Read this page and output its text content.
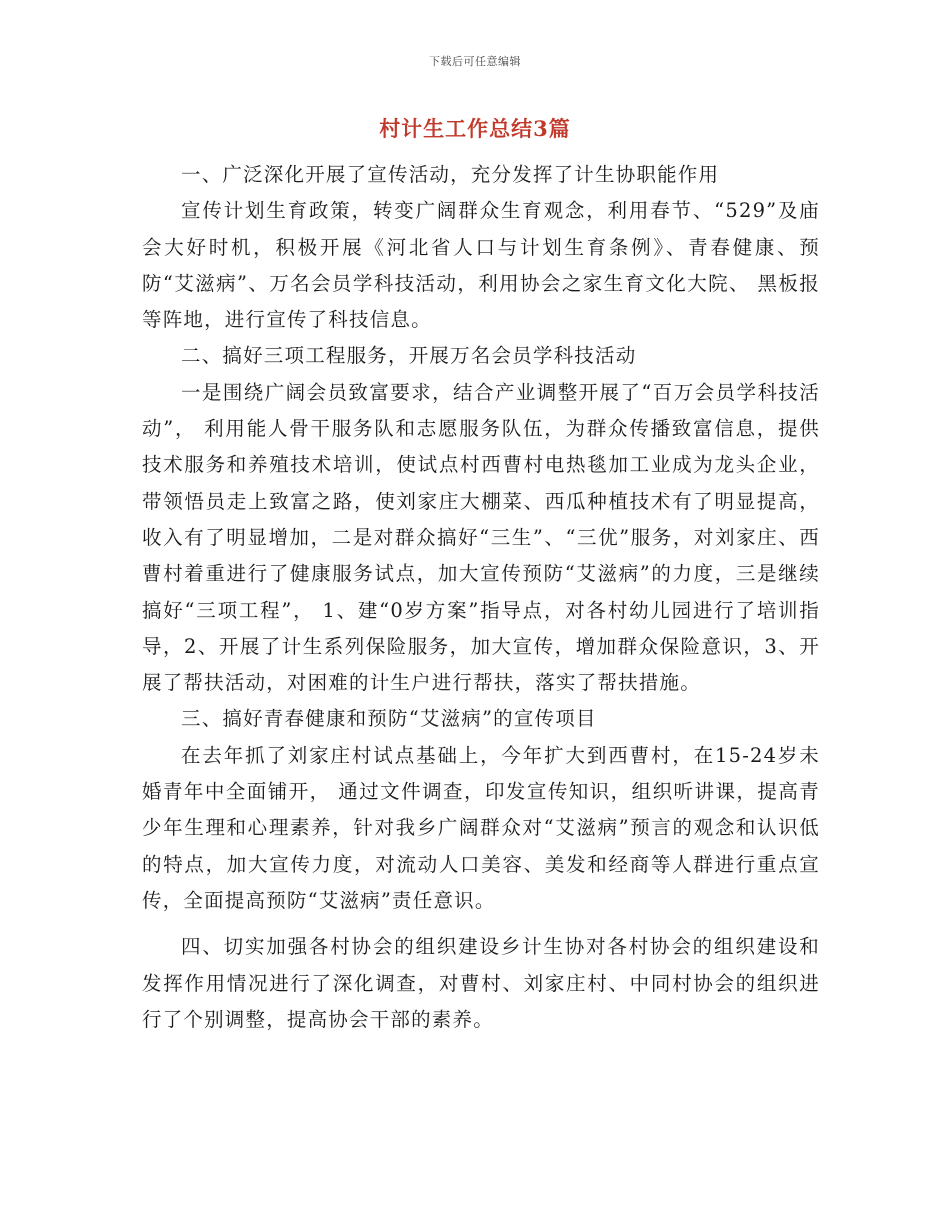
下载后可任意编辑
村计生工作总结3篇

一、广泛深化开展了宣传活动，充分发挥了计生协职能作用

宣传计划生育政策，转变广阔群众生育观念，利用春节、“529”及庙会大好时机，积极开展《河北省人口与计划生育条例》、青春健康、预防“艾滋病”、万名会员学科技活动，利用协会之家生育文化大院、 黑板报等阵地，进行宣传了科技信息。

二、搞好三项工程服务，开展万名会员学科技活动

一是围绕广阔会员致富要求，结合产业调整开展了“百万会员学科技活动”， 利用能人骨干服务队和志愿服务队伍，为群众传播致富信息，提供技术服务和养殖技术培训，使试点村西曹村电热毯加工业成为龙头企业，带领悟员走上致富之路，使刘家庄大棚菜、西瓜种植技术有了明显提高，收入有了明显增加，二是对群众搞好“三生”、“三优”服务，对刘家庄、西曹村着重进行了健康服务试点，加大宣传预防“艾滋病”的力度，三是继续搞好“三项工程”， 1、建“0岁方案”指导点，对各村幼儿园进行了培训指导，2、开展了计生系列保险服务，加大宣传，增加群众保险意识，3、开展了帮扶活动，对困难的计生户进行帮扶，落实了帮扶措施。

三、搞好青春健康和预防“艾滋病”的宣传项目

在去年抓了刘家庄村试点基础上，今年扩大到西曹村，在15-24岁未婚青年中全面铺开， 通过文件调查，印发宣传知识，组织听讲课，提高青少年生理和心理素养，针对我乡广阔群众对“艾滋病”预言的观念和认识低的特点，加大宣传力度，对流动人口美容、美发和经商等人群进行重点宣传，全面提高预防“艾滋病”责任意识。

四、切实加强各村协会的组织建设乡计生协对各村协会的组织建设和发挥作用情况进行了深化调查，对曹村、刘家庄村、中同村协会的组织进行了个别调整，提高协会干部的素养。
